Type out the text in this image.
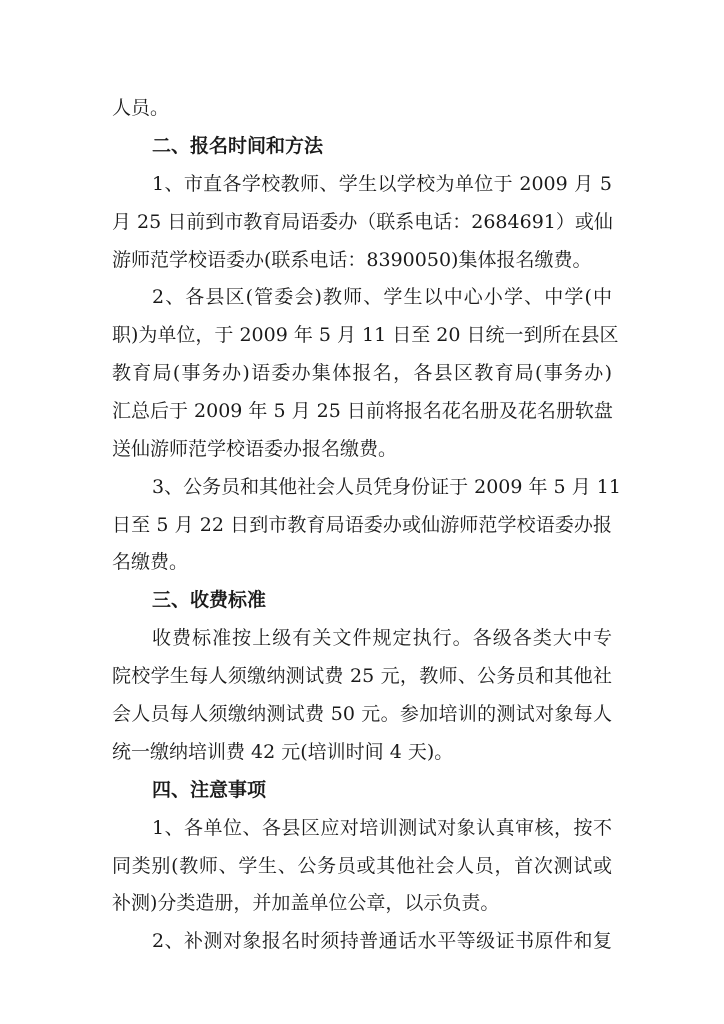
人员。
二、报名时间和方法
1、市直各学校教师、学生以学校为单位于 2009 月 5
月 25 日前到市教育局语委办（联系电话：2684691）或仙
游师范学校语委办(联系电话：8390050)集体报名缴费。
2、各县区(管委会)教师、学生以中心小学、中学(中
职)为单位，于 2009 年 5 月 11 日至 20 日统一到所在县区
教育局(事务办)语委办集体报名，各县区教育局(事务办)
汇总后于 2009 年 5 月 25 日前将报名花名册及花名册软盘
送仙游师范学校语委办报名缴费。
3、公务员和其他社会人员凭身份证于 2009 年 5 月 11
日至 5 月 22 日到市教育局语委办或仙游师范学校语委办报
名缴费。
三、收费标准
收费标准按上级有关文件规定执行。各级各类大中专
院校学生每人须缴纳测试费 25 元，教师、公务员和其他社
会人员每人须缴纳测试费 50 元。参加培训的测试对象每人
统一缴纳培训费 42 元(培训时间 4 天)。
四、注意事项
1、各单位、各县区应对培训测试对象认真审核，按不
同类别(教师、学生、公务员或其他社会人员，首次测试或
补测)分类造册，并加盖单位公章，以示负责。
2、补测对象报名时须持普通话水平等级证书原件和复
